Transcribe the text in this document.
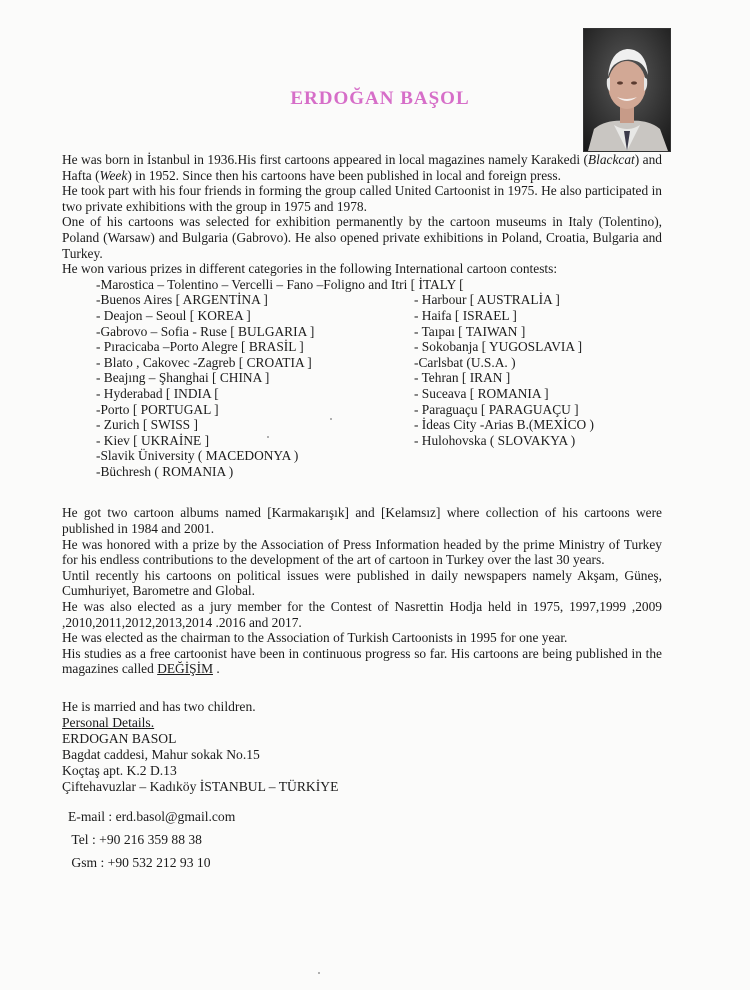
ERDOĞAN BAŞOL

He was born in İstanbul in 1936.His first cartoons appeared in local magazines namely Karakedi (Blackcat) and Hafta (Week) in 1952. Since then his cartoons have been published in local and foreign press.

He took part with his four friends in forming the group called United Cartoonist in 1975. He also participated in two private exhibitions with the group in 1975 and 1978.

One of his cartoons was selected for exhibition permanently by the cartoon museums in Italy (Tolentino), Poland (Warsaw) and Bulgaria (Gabrovo). He also opened private exhibitions in Poland, Croatia, Bulgaria and Turkey.

He won various prizes in different categories in the following International cartoon contests:

-Marostica – Tolentino – Vercelli – Fano –Foligno and Itri [ İTALY [
-Buenos Aires [ ARGENTİNA ]
- Deajon – Seoul [ KOREA ]
-Gabrovo – Sofia - Ruse [ BULGARIA ]
- Pıracicaba –Porto Alegre [ BRASİL ]
- Blato , Cakovec -Zagreb [ CROATIA ]
- Beajıng – Şhanghai [ CHINA ]
- Hyderabad [ INDIA [
-Porto [ PORTUGAL ]
- Zurich [ SWISS ]
- Kiev [ UKRAİNE ]
-Slavik Üniversity ( MACEDONYA )
-Büchresh ( ROMANIA )
- Harbour [ AUSTRALİA ]
- Haifa [ ISRAEL ]
- Taıpaı [ TAIWAN ]
- Sokobanja [ YUGOSLAVIA ]
-Carlsbat (U.S.A. )
- Tehran [ IRAN ]
- Suceava [ ROMANIA ]
- Paraguaçu [ PARAGUAÇU ]
- İdeas City -Arias B.(MEXİCO )
- Hulohovska ( SLOVAKYA )

He got two cartoon albums named [Karmakarışık] and [Kelamsız] where collection of his cartoons were published in 1984 and 2001.

He was honored with a prize by the Association of Press Information headed by the prime Ministry of Turkey for his endless contributions to the development of the art of cartoon in Turkey over the last 30 years.

Until recently his cartoons on political issues were published in daily newspapers namely Akşam, Güneş, Cumhuriyet, Barometre and Global.

He was also elected as a jury member for the Contest of Nasrettin Hodja held in 1975, 1997,1999 ,2009 ,2010,2011,2012,2013,2014 .2016 and 2017.

He was elected as the chairman to the Association of Turkish Cartoonists in 1995 for one year.

His studies as a free cartoonist have been in continuous progress so far. His cartoons are being published in the magazines called DEĞİŞİM .

He is married and has two children.
Personal Details.
ERDOGAN BASOL
Bagdat caddesi, Mahur sokak No.15
Koçtaş apt. K.2 D.13
Çiftehavuzlar – Kadıköy İSTANBUL – TÜRKİYE
E-mail : erd.basol@gmail.com
Tel : +90 216 359 88 38
Gsm : +90 532 212 93 10
